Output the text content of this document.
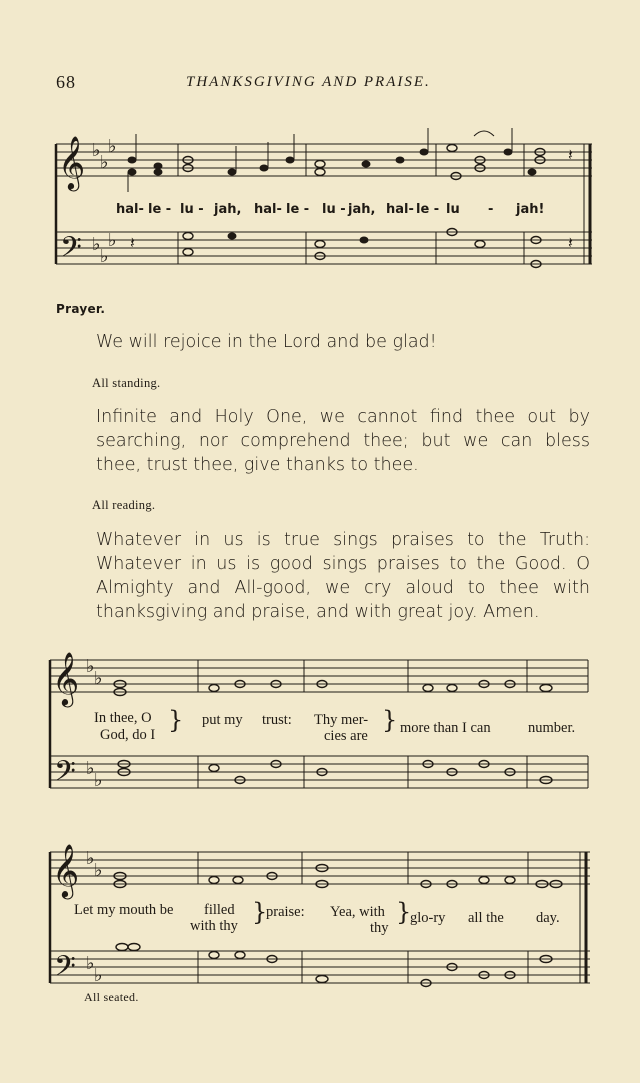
68	THANKSGIVING AND PRAISE.
𝄞
𝄢
♭
♭
♭
♭
♭
♭
𝄽
𝄽	𝄽
hal- le - lu - jah, hal- le - lu - jah, hal- le - lu - jah!
Prayer.
We will rejoice in the Lord and be glad!
All standing.
Infinite and Holy One, we cannot find thee out by searching, nor comprehend thee; but we can bless thee, trust thee, give thanks to thee.
All reading.
Whatever in us is true sings praises to the Truth: Whatever in us is good sings praises to the Good. O Almighty and All-good, we cry aloud to thee with thanksgiving and praise, and with great joy. Amen.
𝄞
𝄢
♭
♭
♭
♭
In thee, O
God, do I
} put my trust: Thy mer-
cies are
} more than I can	number.
𝄞
𝄢
♭
♭
♭
♭
Let my mouth be filled
with thy }
praise: Yea, with
thy
}
glo-ry all the day.
All seated.
